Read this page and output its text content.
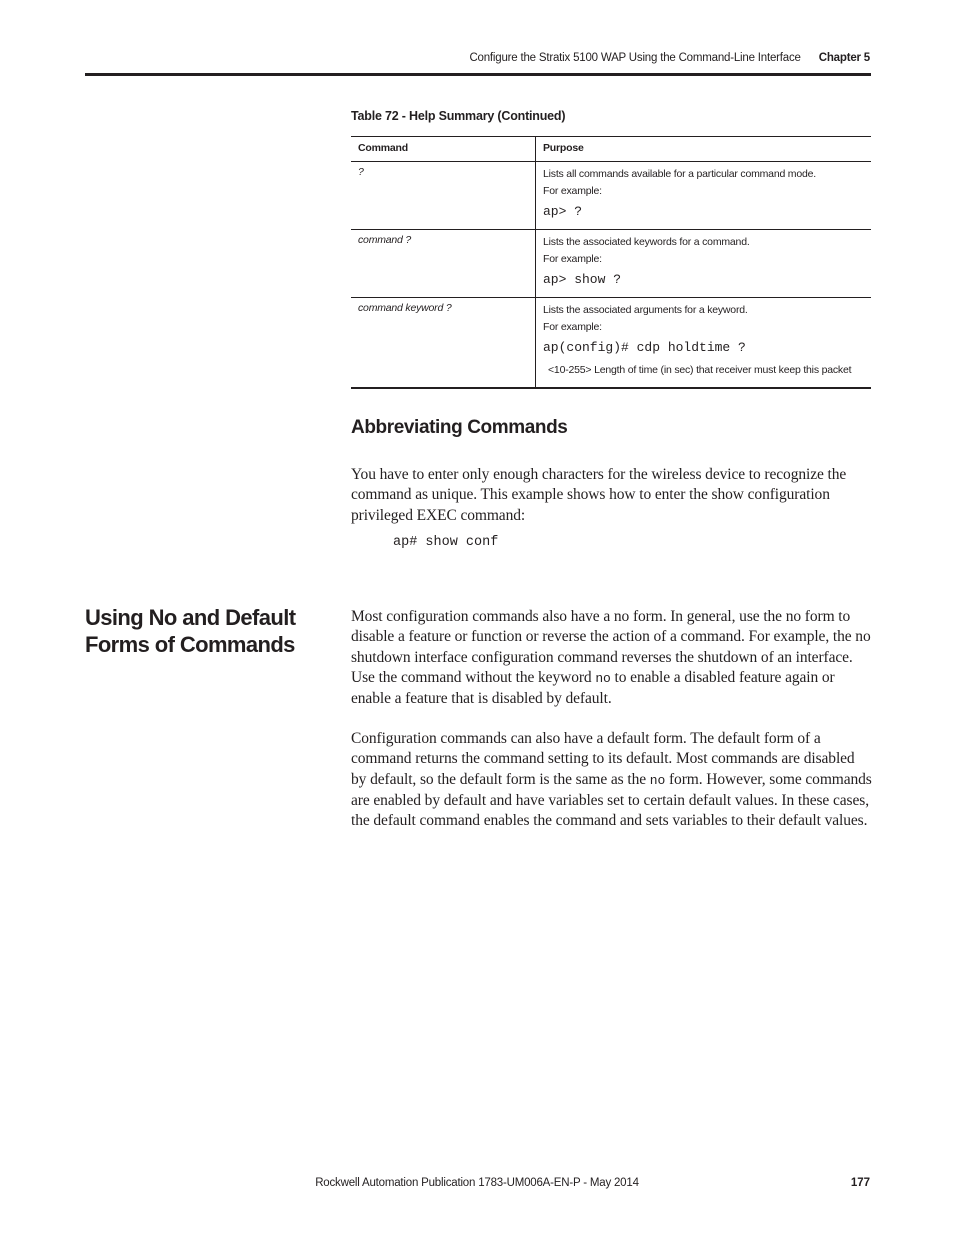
Configure the Stratix 5100 WAP Using the Command-Line Interface Chapter 5
Table 72 - Help Summary (Continued)
Command	Purpose
?	Lists all commands available for a particular command mode.
For example:
ap> ?

command ?	Lists the associated keywords for a command.
For example:
ap> show ?

command keyword ?	Lists the associated arguments for a keyword.
For example:
ap(config)# cdp holdtime ?
<10-255> Length of time (in sec) that receiver must keep this packet
Abbreviating Commands
You have to enter only enough characters for the wireless device to recognize the command as unique. This example shows how to enter the show configuration privileged EXEC command:
ap# show conf
Using No and Default Forms of Commands
Most configuration commands also have a no form. In general, use the no form to disable a feature or function or reverse the action of a command. For example, the no shutdown interface configuration command reverses the shutdown of an interface. Use the command without the keyword no to enable a disabled feature again or enable a feature that is disabled by default.
Configuration commands can also have a default form. The default form of a command returns the command setting to its default. Most commands are disabled by default, so the default form is the same as the no form. However, some commands are enabled by default and have variables set to certain default values. In these cases, the default command enables the command and sets variables to their default values.
Rockwell Automation Publication 1783-UM006A-EN-P - May 2014	177
